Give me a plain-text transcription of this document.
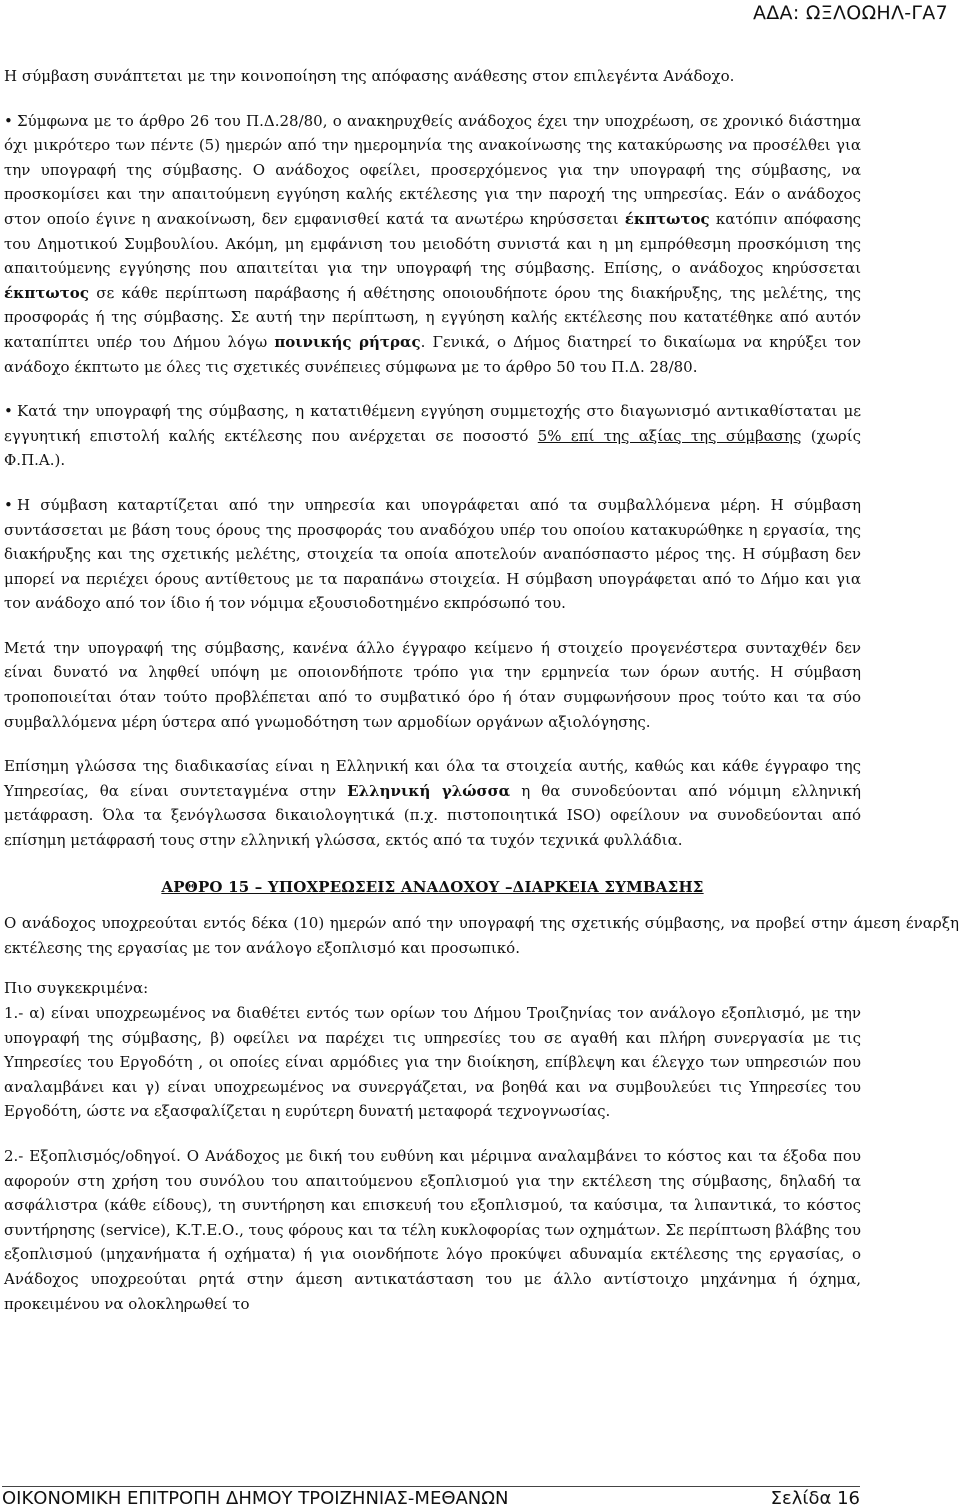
ΑΔΑ: ΩΞΛΟΩΗΛ-ΓΑ7

Η σύμβαση συνάπτεται με την κοινοποίηση της απόφασης ανάθεσης στον επιλεγέντα Ανάδοχο.

• Σύμφωνα με το άρθρο 26 του Π.Δ.28/80, ο ανακηρυχθείς ανάδοχος έχει την υποχρέωση, σε χρονικό διάστημα όχι μικρότερο των πέντε (5) ημερών από την ημερομηνία της ανακοίνωσης της κατακύρωσης να προσέλθει για την υπογραφή της σύμβασης. Ο ανάδοχος οφείλει, προσερχόμενος για την υπογραφή της σύμβασης, να προσκομίσει και την απαιτούμενη εγγύηση καλής εκτέλεσης για την παροχή της υπηρεσίας. Εάν ο ανάδοχος στον οποίο έγινε η ανακοίνωση, δεν εμφανισθεί κατά τα ανωτέρω κηρύσσεται έκπτωτος κατόπιν απόφασης του Δημοτικού Συμβουλίου. Ακόμη, μη εμφάνιση του μειοδότη συνιστά και η μη εμπρόθεσμη προσκόμιση της απαιτούμενης εγγύησης που απαιτείται για την υπογραφή της σύμβασης. Επίσης, ο ανάδοχος κηρύσσεται έκπτωτος σε κάθε περίπτωση παράβασης ή αθέτησης οποιουδήποτε όρου της διακήρυξης, της μελέτης, της προσφοράς ή της σύμβασης. Σε αυτή την περίπτωση, η εγγύηση καλής εκτέλεσης που κατατέθηκε από αυτόν καταπίπτει υπέρ του Δήμου λόγω ποινικής ρήτρας. Γενικά, ο Δήμος διατηρεί το δικαίωμα να κηρύξει τον ανάδοχο έκπτωτο με όλες τις σχετικές συνέπειες σύμφωνα με το άρθρο 50 του Π.Δ. 28/80.

• Κατά την υπογραφή της σύμβασης, η κατατιθέμενη εγγύηση συμμετοχής στο διαγωνισμό αντικαθίσταται με εγγυητική επιστολή καλής εκτέλεσης που ανέρχεται σε ποσοστό 5% επί της αξίας της σύμβασης (χωρίς Φ.Π.Α.).

• Η σύμβαση καταρτίζεται από την υπηρεσία και υπογράφεται από τα συμβαλλόμενα μέρη. Η σύμβαση συντάσσεται με βάση τους όρους της προσφοράς του αναδόχου υπέρ του οποίου κατακυρώθηκε η εργασία, της διακήρυξης και της σχετικής μελέτης, στοιχεία τα οποία αποτελούν αναπόσπαστο μέρος της. Η σύμβαση δεν μπορεί να περιέχει όρους αντίθετους με τα παραπάνω στοιχεία. Η σύμβαση υπογράφεται από το Δήμο και για τον ανάδοχο από τον ίδιο ή τον νόμιμα εξουσιοδοτημένο εκπρόσωπό του.

Μετά την υπογραφή της σύμβασης, κανένα άλλο έγγραφο κείμενο ή στοιχείο προγενέστερα συνταχθέν δεν είναι δυνατό να ληφθεί υπόψη με οποιονδήποτε τρόπο για την ερμηνεία των όρων αυτής. Η σύμβαση τροποποιείται όταν τούτο προβλέπεται από το συμβατικό όρο ή όταν συμφωνήσουν προς τούτο και τα σύο συμβαλλόμενα μέρη ύστερα από γνωμοδότηση των αρμοδίων οργάνων αξιολόγησης.

Επίσημη γλώσσα της διαδικασίας είναι η Ελληνική και όλα τα στοιχεία αυτής, καθώς και κάθε έγγραφο της Υπηρεσίας, θα είναι συντεταγμένα στην Ελληνική γλώσσα η θα συνοδεύονται από νόμιμη ελληνική μετάφραση. Όλα τα ξενόγλωσσα δικαιολογητικά (π.χ. πιστοποιητικά ISO) οφείλουν να συνοδεύονται από επίσημη μετάφρασή τους στην ελληνική γλώσσα, εκτός από τα τυχόν τεχνικά φυλλάδια.

ΑΡΘΡΟ 15 – ΥΠΟΧΡΕΩΣΕΙΣ ΑΝΑΔΟΧΟΥ –ΔΙΑΡΚΕΙΑ ΣΥΜΒΑΣΗΣ

Ο ανάδοχος υποχρεούται εντός δέκα (10) ημερών από την υπογραφή της σχετικής σύμβασης, να προβεί στην άμεση έναρξη εκτέλεσης της εργασίας με τον ανάλογο εξοπλισμό και προσωπικό.

Πιο συγκεκριμένα:

1.- α) είναι υποχρεωμένος να διαθέτει εντός των ορίων του Δήμου Τροιζηνίας τον ανάλογο εξοπλισμό, με την υπογραφή της σύμβασης, β) οφείλει να παρέχει τις υπηρεσίες του σε αγαθή και πλήρη συνεργασία με τις Υπηρεσίες του Εργοδότη , οι οποίες είναι αρμόδιες για την διοίκηση, επίβλεψη και έλεγχο των υπηρεσιών που αναλαμβάνει και γ) είναι υποχρεωμένος να συνεργάζεται, να βοηθά και να συμβουλεύει τις Υπηρεσίες του Εργοδότη, ώστε να εξασφαλίζεται η ευρύτερη δυνατή μεταφορά τεχνογνωσίας.

2.- Εξοπλισμός/οδηγοί. Ο Ανάδοχος με δική του ευθύνη και μέριμνα αναλαμβάνει το κόστος και τα έξοδα που αφορούν στη χρήση του συνόλου του απαιτούμενου εξοπλισμού για την εκτέλεση της σύμβασης, δηλαδή τα ασφάλιστρα (κάθε είδους), τη συντήρηση και επισκευή του εξοπλισμού, τα καύσιμα, τα λιπαντικά, το κόστος συντήρησης (service), Κ.Τ.Ε.Ο., τους φόρους και τα τέλη κυκλοφορίας των οχημάτων. Σε περίπτωση βλάβης του εξοπλισμού (μηχανήματα ή οχήματα) ή για οιονδήποτε λόγο προκύψει αδυναμία εκτέλεσης της εργασίας, ο Ανάδοχος υποχρεούται ρητά στην άμεση αντικατάσταση του με άλλο αντίστοιχο μηχάνημα ή όχημα, προκειμένου να ολοκληρωθεί το

ΟΙΚΟΝΟΜΙΚΗ ΕΠΙΤΡΟΠΗ ΔΗΜΟΥ ΤΡΟΙΖΗΝΙΑΣ-ΜΕΘΑΝΩΝ	Σελίδα 16
